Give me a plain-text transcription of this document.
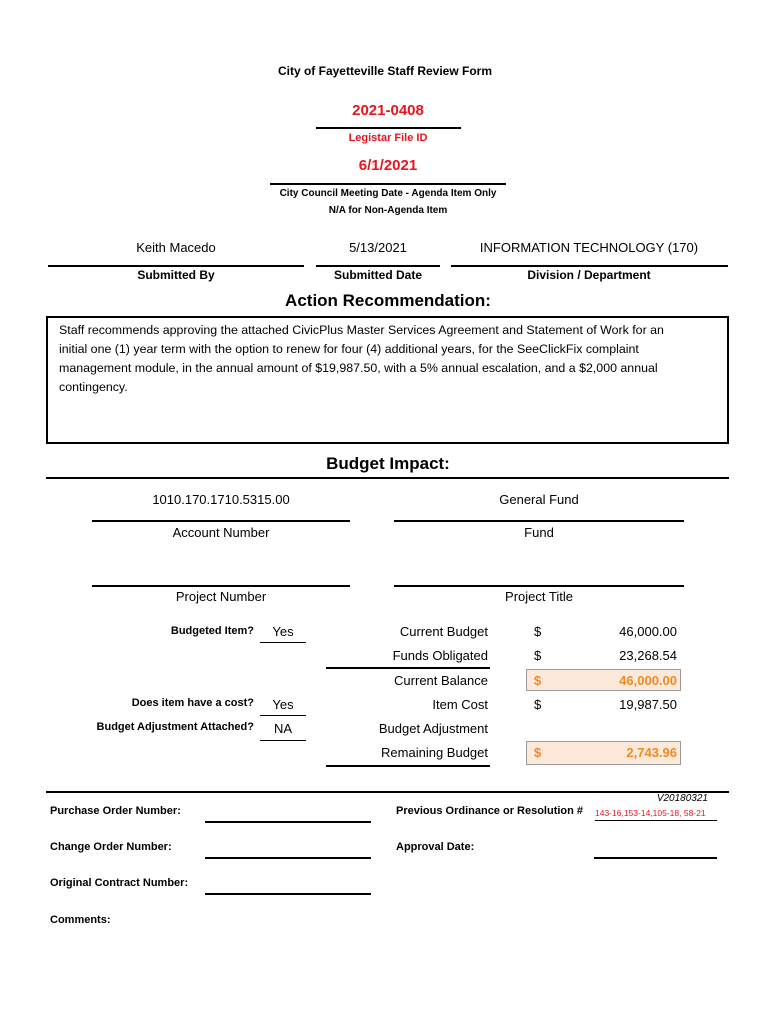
City of Fayetteville Staff Review Form
2021-0408
Legistar File ID
6/1/2021
City Council Meeting Date - Agenda Item Only
N/A for Non-Agenda Item
Keith Macedo
Submitted By
5/13/2021
Submitted Date
INFORMATION TECHNOLOGY (170)
Division / Department
Action Recommendation:
Staff recommends approving the attached CivicPlus Master Services Agreement and Statement of Work for an
initial one (1) year term with the option to renew for four (4) additional years, for the SeeClickFix complaint
management module, in the annual amount of $19,987.50, with a 5% annual escalation, and a $2,000 annual
contingency.
Budget Impact:
1010.170.1710.5315.00
Account Number
General Fund
Fund
Project Number	Project Title
Budgeted Item?	Yes
Does item have a cost?	Yes
Budget Adjustment Attached?	NA
Current Budget	$	46,000.00
Funds Obligated	$	23,268.54
Current Balance	$	46,000.00
Item Cost	$	19,987.50
Budget Adjustment
Remaining Budget	$	2,743.96
V20180321
Purchase Order Number:	Previous Ordinance or Resolution # 143-16,153-14,105-18, 58-21
Change Order Number:	Approval Date:
Original Contract Number:
Comments:
